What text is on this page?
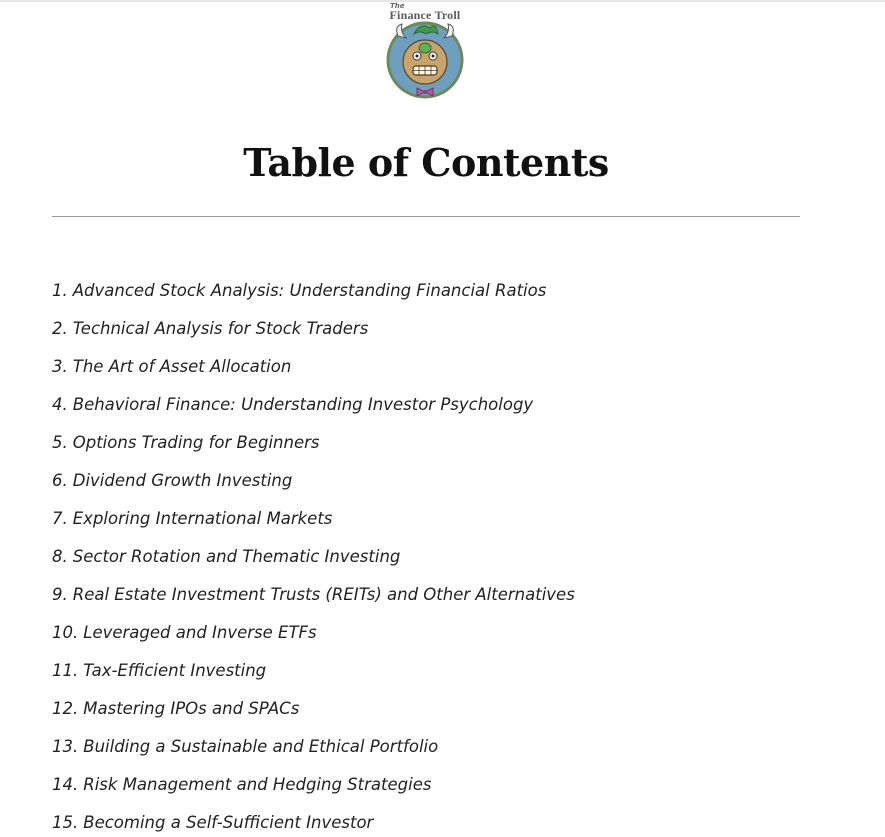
The
Finance Troll
Table of Contents
1. Advanced Stock Analysis: Understanding Financial Ratios
2. Technical Analysis for Stock Traders
3. The Art of Asset Allocation
4. Behavioral Finance: Understanding Investor Psychology
5. Options Trading for Beginners
6. Dividend Growth Investing
7. Exploring International Markets
8. Sector Rotation and Thematic Investing
9. Real Estate Investment Trusts (REITs) and Other Alternatives
10. Leveraged and Inverse ETFs
11. Tax-Efficient Investing
12. Mastering IPOs and SPACs
13. Building a Sustainable and Ethical Portfolio
14. Risk Management and Hedging Strategies
15. Becoming a Self-Sufficient Investor
